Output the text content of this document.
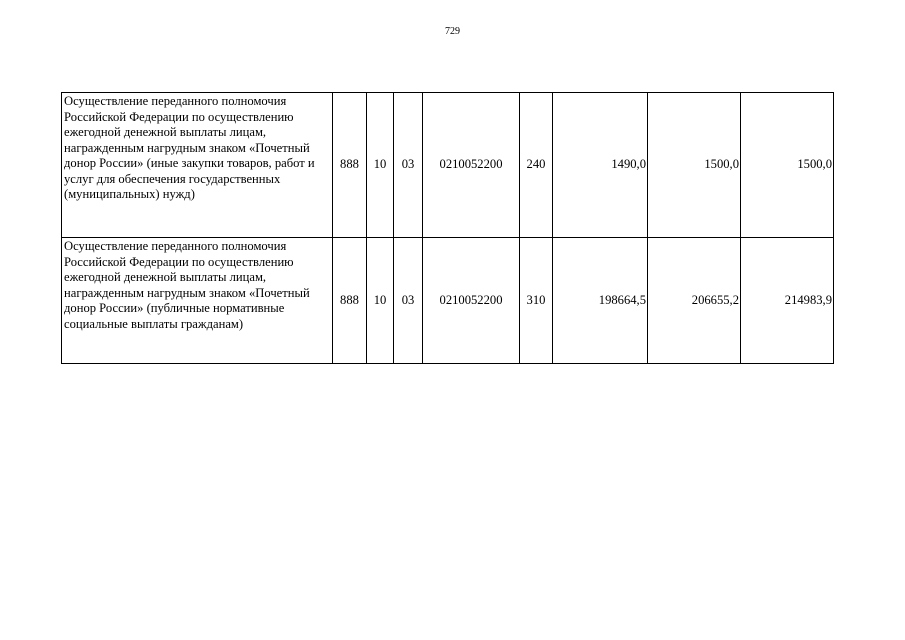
729
Осуществление переданного полномочия Российской Федерации по осуществлению ежегодной денежной выплаты лицам, награжденным нагрудным знаком «Почетный донор России» (иные закупки товаров, работ и услуг для обеспечения государственных (муниципальных) нужд)	888	10	03	0210052200	240	1490,0	1500,0	1500,0
Осуществление переданного полномочия Российской Федерации по осуществлению ежегодной денежной выплаты лицам, награжденным нагрудным знаком «Почетный донор России» (публичные нормативные социальные выплаты гражданам)	888	10	03	0210052200	310	198664,5	206655,2	214983,9
